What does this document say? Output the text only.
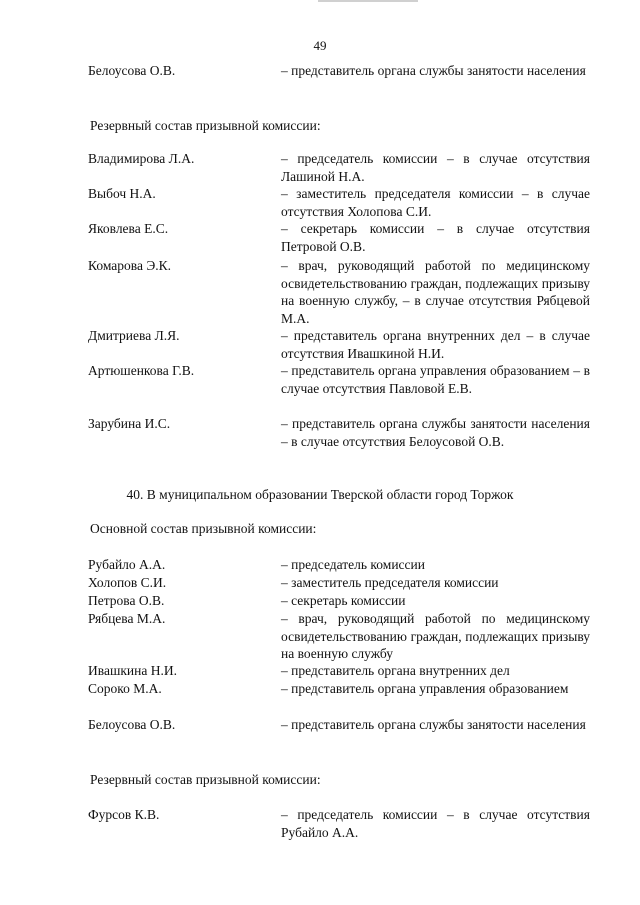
49
Белоусова О.В.	– представитель органа службы занятости населения
Резервный состав призывной комиссии:
Владимирова Л.А.	– председатель комиссии – в случае отсутствия Лашиной Н.А.
Выбоч Н.А.	– заместитель председателя комиссии – в случае отсутствия Холопова С.И.
Яковлева Е.С.	– секретарь комиссии – в случае отсутствия Петровой О.В.
Комарова Э.К.	– врач, руководящий работой по медицинскому освидетельствованию граждан, подлежащих призыву на военную службу, – в случае отсутствия Рябцевой М.А.
Дмитриева Л.Я.	– представитель органа внутренних дел – в случае отсутствия Ивашкиной Н.И.
Артюшенкова Г.В.	– представитель органа управления образованием – в случае отсутствия Павловой Е.В.
Зарубина И.С.	– представитель органа службы занятости населения – в случае отсутствия Белоусовой О.В.
40. В муниципальном образовании Тверской области город Торжок
Основной состав призывной комиссии:
Рубайло А.А.	– председатель комиссии
Холопов С.И.	– заместитель председателя комиссии
Петрова О.В.	– секретарь комиссии
Рябцева М.А.	– врач, руководящий работой по медицинскому освидетельствованию граждан, подлежащих призыву на военную службу
Ивашкина Н.И.	– представитель органа внутренних дел
Сороко М.А.	– представитель органа управления образованием
Белоусова О.В.	– представитель органа службы занятости населения
Резервный состав призывной комиссии:
Фурсов К.В.	– председатель комиссии – в случае отсутствия Рубайло А.А.
